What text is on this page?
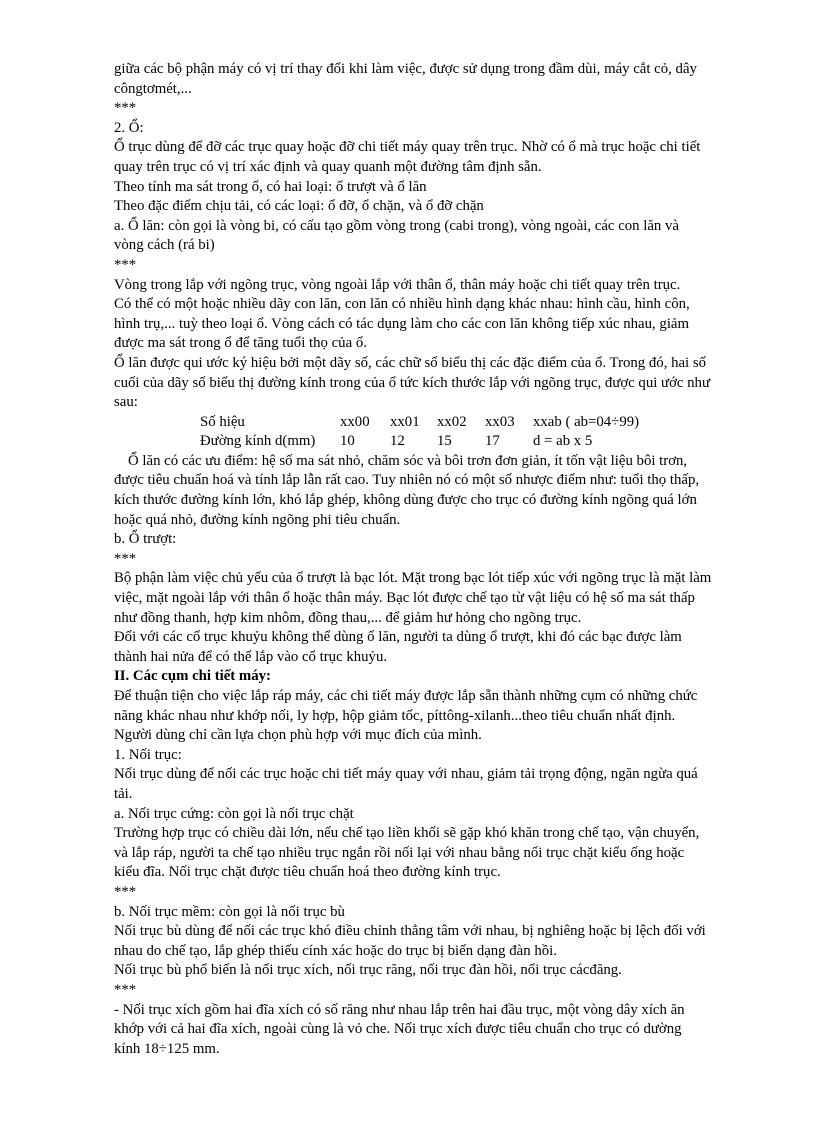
giữa các bộ phận máy có vị trí thay đổi khi làm việc, được sử dụng trong đầm dùi, máy cắt cỏ, dây

côngtơmét,...

***

2. Ổ:

Ổ trục dùng để đỡ các trục quay hoặc đỡ chi tiết máy quay trên trục. Nhờ có ổ mà trục hoặc chi tiết

quay trên trục có vị trí xác định và quay quanh một đường tâm định sẵn.

Theo tính ma sát trong ổ, có hai loại: ổ trượt và ổ lăn

Theo đặc điểm chịu tải, có các loại: ổ đỡ, ổ chặn, và ổ đỡ chặn

a. Ổ lăn: còn gọi là vòng bi, có cấu tạo gồm vòng trong (cabi trong), vòng ngoài, các con lăn và

vòng cách (rá bi)

***

Vòng trong lắp với ngõng trục, vòng ngoài lắp với thân ổ, thân máy hoặc chi tiết quay trên trục.

Có thể có một hoặc nhiều dãy con lăn, con lăn có nhiều hình dạng khác nhau: hình cầu, hình côn,

hình trụ,... tuỳ theo loại ổ. Vòng cách có tác dụng làm cho các con lăn không tiếp xúc nhau, giảm

được ma sát trong ổ để tăng tuổi thọ của ổ.

Ổ lăn được qui ước ký hiệu bởi một dãy số, các chữ số biểu thị các đặc điểm của ổ. Trong đó, hai số

cuối của dãy số biểu thị đường kính trong của ổ tức kích thước lắp với ngõng trục, được qui ước như

sau:

Số hiệu	xx00	xx01	xx02	xx03	xxab ( ab=04÷99)
Đường kính d(mm)	10	12	15	17	d = ab x 5

Ổ lăn có các ưu điểm: hệ số ma sát nhỏ, chăm sóc và bôi trơn đơn giản, ít tốn vật liệu bôi trơn,

được tiêu chuẩn hoá và tính lắp lẫn rất cao. Tuy nhiên nó có một số nhược điểm như: tuổi thọ thấp,

kích thước đường kính lớn, khó lắp ghép, không dùng được cho trục có đường kính ngõng quá lớn

hoặc quá nhỏ, đường kính ngõng phi tiêu chuẩn.

b. Ổ trượt:

***

Bộ phận làm việc chủ yếu của ổ trượt là bạc lót. Mặt trong bạc lót tiếp xúc với ngõng trục là mặt làm

việc, mặt ngoài lắp với thân ổ hoặc thân máy. Bạc lót được chế tạo từ vật liệu có hệ số ma sát thấp

như đồng thanh, hợp kim nhôm, đồng thau,... để giảm hư hỏng cho ngõng trục.

Đối với các cổ trục khuỷu không thể dùng ổ lăn, người ta dùng ổ trượt, khi đó các bạc được làm

thành hai nửa để có thể lắp vào cổ trục khuỷu.

II. Các cụm chi tiết máy:

Để thuận tiện cho việc lắp ráp máy, các chi tiết máy được lắp sẵn thành những cụm có những chức

năng khác nhau như khớp nối, ly hợp, hộp giảm tốc, píttông-xilanh...theo tiêu chuẩn nhất định.

Người dùng chỉ cần lựa chọn phù hợp với mục đích của mình.

1. Nối trục:

Nối trục dùng để nối các trục hoặc chi tiết máy quay với nhau, giảm tải trọng động, ngăn ngừa quá

tải.

a. Nối trục cứng: còn gọi là nối trục chặt

Trường hợp trục có chiều dài lớn, nếu chế tạo liền khối sẽ gặp khó khăn trong chế tạo, vận chuyển,

và lắp ráp, người ta chế tạo nhiều trục ngắn rồi nối lại với nhau bằng nối trục chặt kiểu ống hoặc

kiểu đĩa. Nối trục chặt được tiêu chuẩn hoá theo đường kính trục.

***

b. Nối trục mềm: còn gọi là nối trục bù

Nối trục bù dùng để nối các trục khó điều chỉnh thẳng tâm với nhau, bị nghiêng hoặc bị lệch đối với

nhau do chế tạo, lắp ghép thiếu cính xác hoặc do trục bị biến dạng đàn hồi.

Nối trục bù phổ biến là nối trục xích, nối trục răng, nối trục đàn hồi, nối trục cácđăng.

***

- Nối trục xích gồm hai đĩa xích có số răng như nhau lắp trên hai đầu trục, một vòng dây xích ăn

khớp với cả hai đĩa xích, ngoài cùng là vỏ che. Nối trục xích được tiêu chuẩn cho trục có dường

kính 18÷125 mm.
